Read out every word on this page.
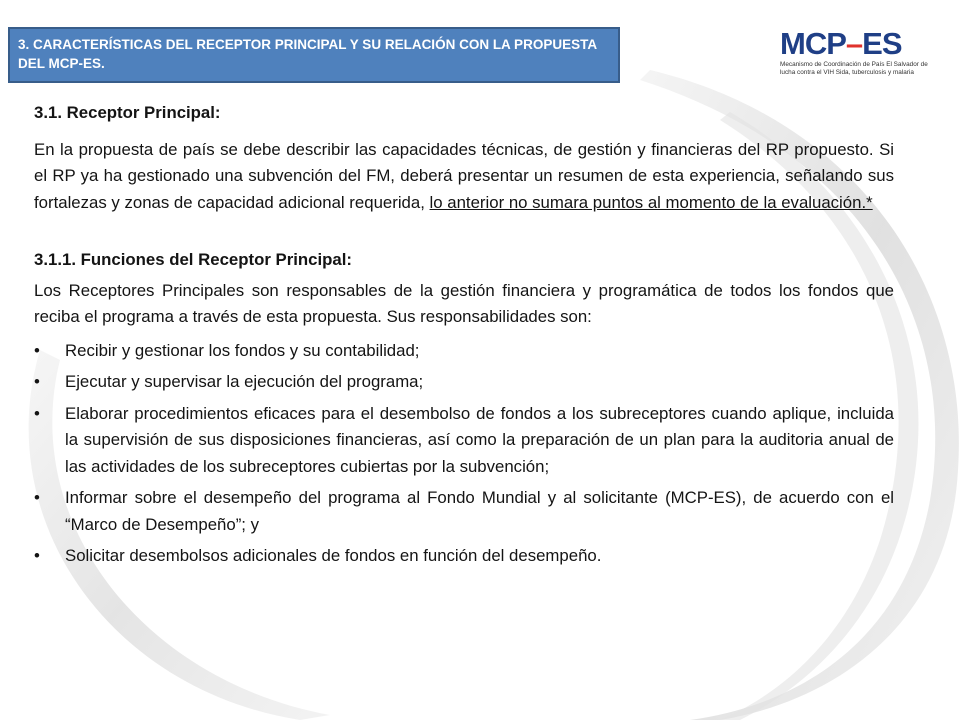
3. CARACTERÍSTICAS DEL RECEPTOR PRINCIPAL Y SU RELACIÓN CON LA PROPUESTA DEL MCP-ES.
MCP–ES
Mecanismo de Coordinación de País El Salvador de lucha contra el VIH Sida, tuberculosis y malaria

3.1. Receptor Principal:

En la propuesta de país se debe describir las capacidades técnicas, de gestión y financieras del RP propuesto. Si el RP ya ha gestionado una subvención del FM, deberá presentar un resumen de esta experiencia, señalando sus fortalezas y zonas de capacidad adicional requerida, lo anterior no sumara puntos al momento de la evaluación.*

3.1.1. Funciones del Receptor Principal:

Los Receptores Principales son responsables de la gestión financiera y programática de todos los fondos que reciba el programa a través de esta propuesta. Sus responsabilidades son:

• Recibir y gestionar los fondos y su contabilidad;
• Ejecutar y supervisar la ejecución del programa;
• Elaborar procedimientos eficaces para el desembolso de fondos a los subreceptores cuando aplique, incluida la supervisión de sus disposiciones financieras, así como la preparación de un plan para la auditoria anual de las actividades de los subreceptores cubiertas por la subvención;
• Informar sobre el desempeño del programa al Fondo Mundial y al solicitante (MCP-ES), de acuerdo con el “Marco de Desempeño”; y
• Solicitar desembolsos adicionales de fondos en función del desempeño.
